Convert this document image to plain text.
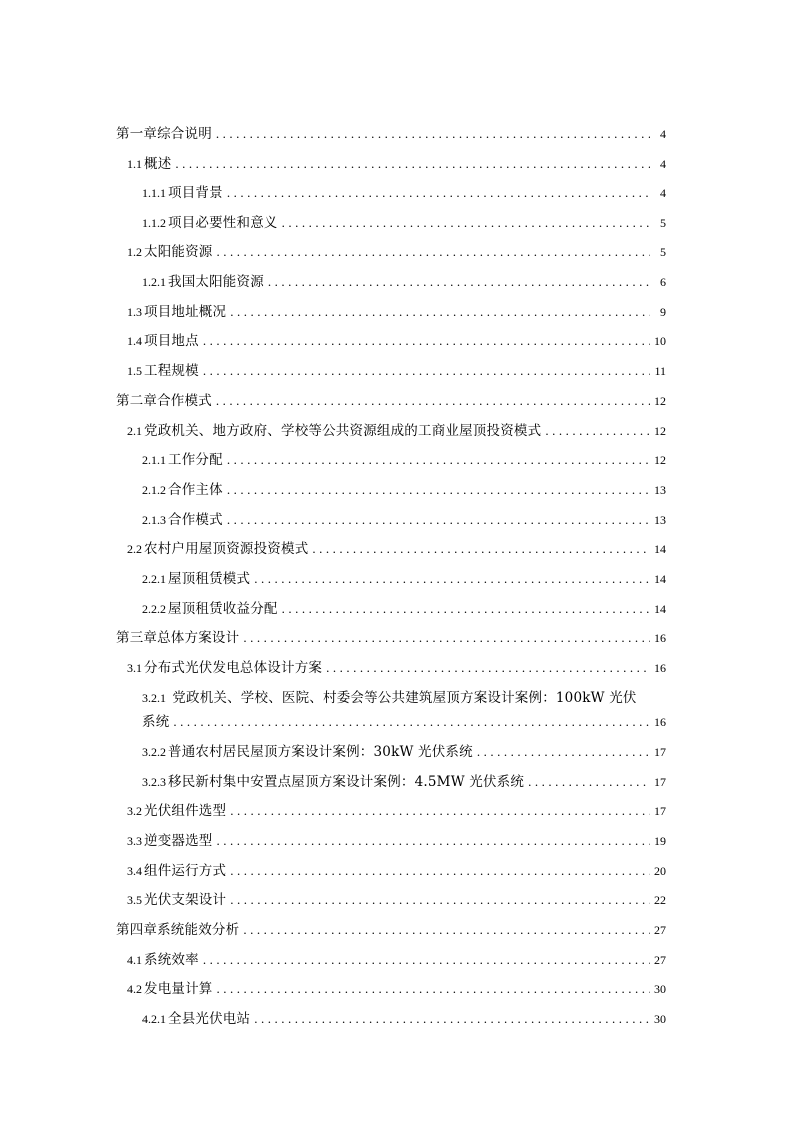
第一章综合说明 .....	4
1.1 概述 .....	4
1.1.1 项目背景 .....	4
1.1.2 项目必要性和意义 .....	5
1.2 太阳能资源 .....	5
1.2.1 我国太阳能资源 .....	6
1.3 项目地址概况 .....	9
1.4 项目地点 .....	10
1.5 工程规模 .....	11
第二章合作模式 .....	12
2.1 党政机关、地方政府、学校等公共资源组成的工商业屋顶投资模式 .....	12
2.1.1 工作分配 .....	12
2.1.2 合作主体 .....	13
2.1.3 合作模式 .....	13
2.2 农村户用屋顶资源投资模式 .....	14
2.2.1 屋顶租赁模式 .....	14
2.2.2 屋顶租赁收益分配 .....	14
第三章总体方案设计 .....	16
3.1 分布式光伏发电总体设计方案 .....	16
3.2.1 党政机关、学校、医院、村委会等公共建筑屋顶方案设计案例：100kW 光伏
系统 .....	16
3.2.2 普通农村居民屋顶方案设计案例：30kW 光伏系统 .....	17
3.2.3 移民新村集中安置点屋顶方案设计案例：4.5MW 光伏系统 .....	17
3.2 光伏组件选型 .....	17
3.3 逆变器选型 .....	19
3.4 组件运行方式 .....	20
3.5 光伏支架设计 .....	22
第四章系统能效分析 .....	27
4.1 系统效率 .....	27
4.2 发电量计算 .....	30
4.2.1 全县光伏电站 .....	30
